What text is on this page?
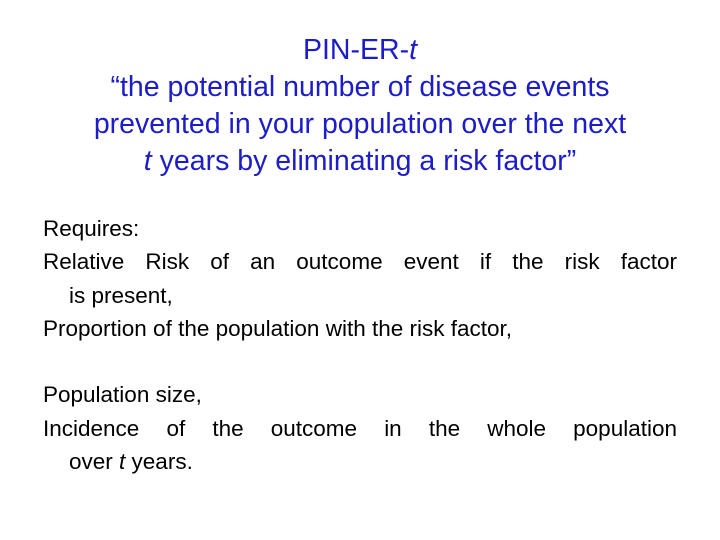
PIN-ER-t
“the potential number of disease events
prevented in your population over the next
t years by eliminating a risk factor”
Requires:
Relative Risk of an outcome event if the risk factor
is present,
Proportion of the population with the risk factor,
Population size,
Incidence of the outcome in the whole population
over t years.
